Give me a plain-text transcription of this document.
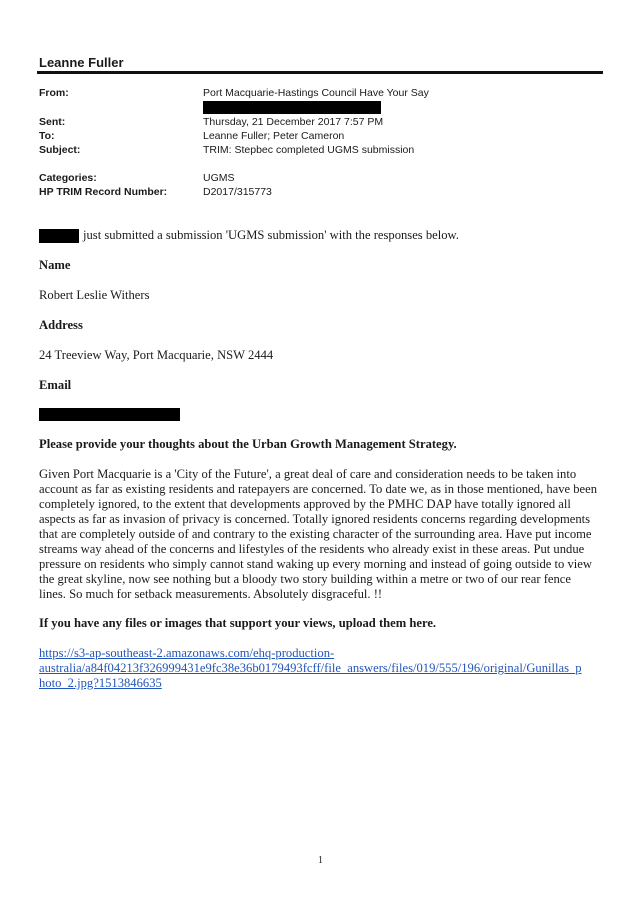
Leanne Fuller
From:	Port Macquarie-Hastings Council Have Your Say
Sent:	Thursday, 21 December 2017 7:57 PM
To:	Leanne Fuller; Peter Cameron
Subject:	TRIM: Stepbec completed UGMS submission
Categories:	UGMS
HP TRIM Record Number:	D2017/315773
just submitted a submission 'UGMS submission' with the responses below.
Name
Robert Leslie Withers
Address
24 Treeview Way, Port Macquarie, NSW 2444
Email
Please provide your thoughts about the Urban Growth Management Strategy.
Given Port Macquarie is a 'City of the Future', a great deal of care and consideration needs to be taken into account as far as existing residents and ratepayers are concerned. To date we, as in those mentioned, have been completely ignored, to the extent that developments approved by the PMHC DAP have totally ignored all aspects as far as invasion of privacy is concerned. Totally ignored residents concerns regarding developments that are completely outside of and contrary to the existing character of the surrounding area. Have put income streams way ahead of the concerns and lifestyles of the residents who already exist in these areas. Put undue pressure on residents who simply cannot stand waking up every morning and instead of going outside to view the great skyline, now see nothing but a bloody two story building within a metre or two of our rear fence lines. So much for setback measurements. Absolutely disgraceful. !!
If you have any files or images that support your views, upload them here.
https://s3-ap-southeast-2.amazonaws.com/ehq-production-
australia/a84f04213f326999431e9fc38e36b0179493fcff/file_answers/files/019/555/196/original/Gunillas_p
hoto_2.jpg?1513846635
1
